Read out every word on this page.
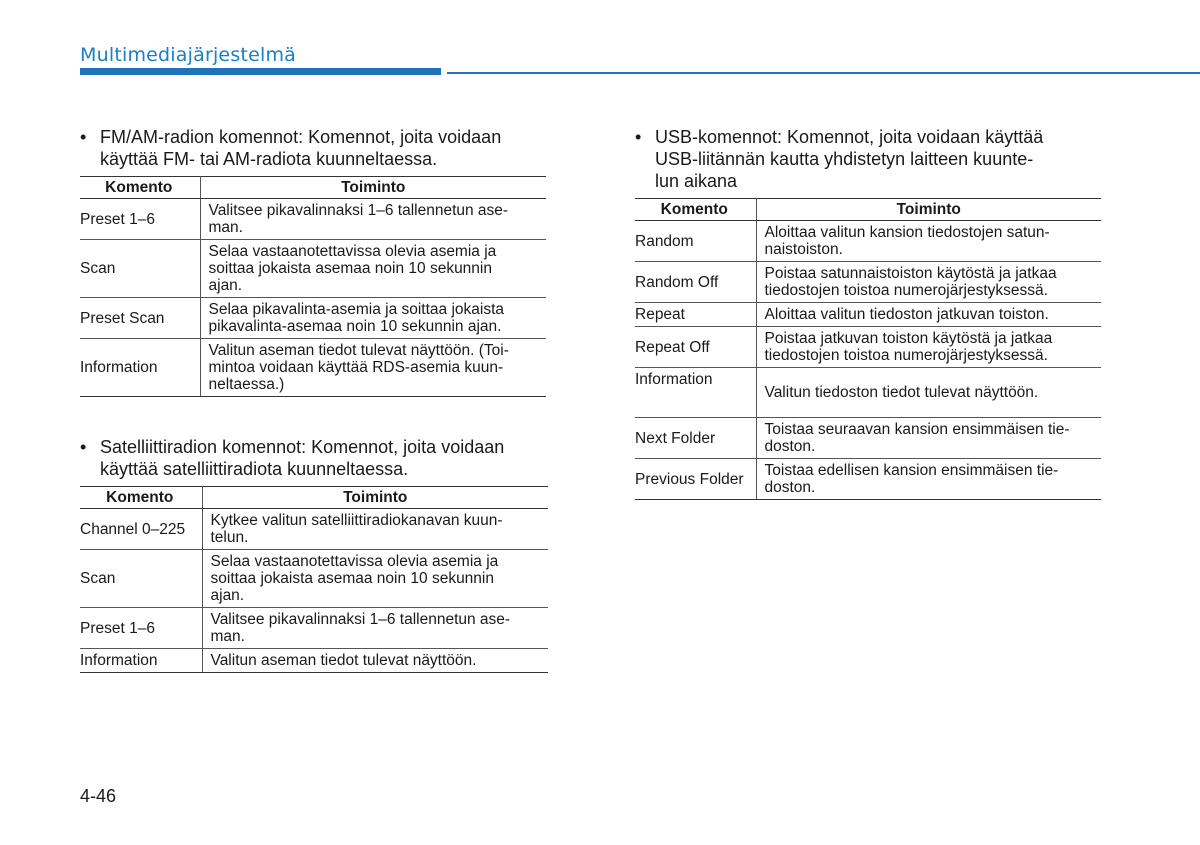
Multimediajärjestelmä

• FM/AM-radion komennot: Komennot, joita voidaan
käyttää FM- tai AM-radiota kuunneltaessa.

Komento	Toiminto
Preset 1–6	Valitsee pikavalinnaksi 1–6 tallennetun ase-
man.
Scan	Selaa vastaanotettavissa olevia asemia ja
soittaa jokaista asemaa noin 10 sekunnin
ajan.
Preset Scan	Selaa pikavalinta-asemia ja soittaa jokaista
pikavalinta-asemaa noin 10 sekunnin ajan.
Information	Valitun aseman tiedot tulevat näyttöön. (Toi-
mintoa voidaan käyttää RDS-asemia kuun-
neltaessa.)

• Satelliittiradion komennot: Komennot, joita voidaan
käyttää satelliittiradiota kuunneltaessa.

Komento	Toiminto
Channel 0–225	Kytkee valitun satelliittiradiokanavan kuun-
telun.
Scan	Selaa vastaanotettavissa olevia asemia ja
soittaa jokaista asemaa noin 10 sekunnin
ajan.
Preset 1–6	Valitsee pikavalinnaksi 1–6 tallennetun ase-
man.
Information	Valitun aseman tiedot tulevat näyttöön.

• USB-komennot: Komennot, joita voidaan käyttää
USB-liitännän kautta yhdistetyn laitteen kuunte-
lun aikana

Komento	Toiminto
Random	Aloittaa valitun kansion tiedostojen satun-
naistoiston.
Random Off	Poistaa satunnaistoiston käytöstä ja jatkaa
tiedostojen toistoa numerojärjestyksessä.
Repeat	Aloittaa valitun tiedoston jatkuvan toiston.
Repeat Off	Poistaa jatkuvan toiston käytöstä ja jatkaa
tiedostojen toistoa numerojärjestyksessä.
Information	Valitun tiedoston tiedot tulevat näyttöön.
Next Folder	Toistaa seuraavan kansion ensimmäisen tie-
doston.
Previous Folder	Toistaa edellisen kansion ensimmäisen tie-
doston.
4-46
